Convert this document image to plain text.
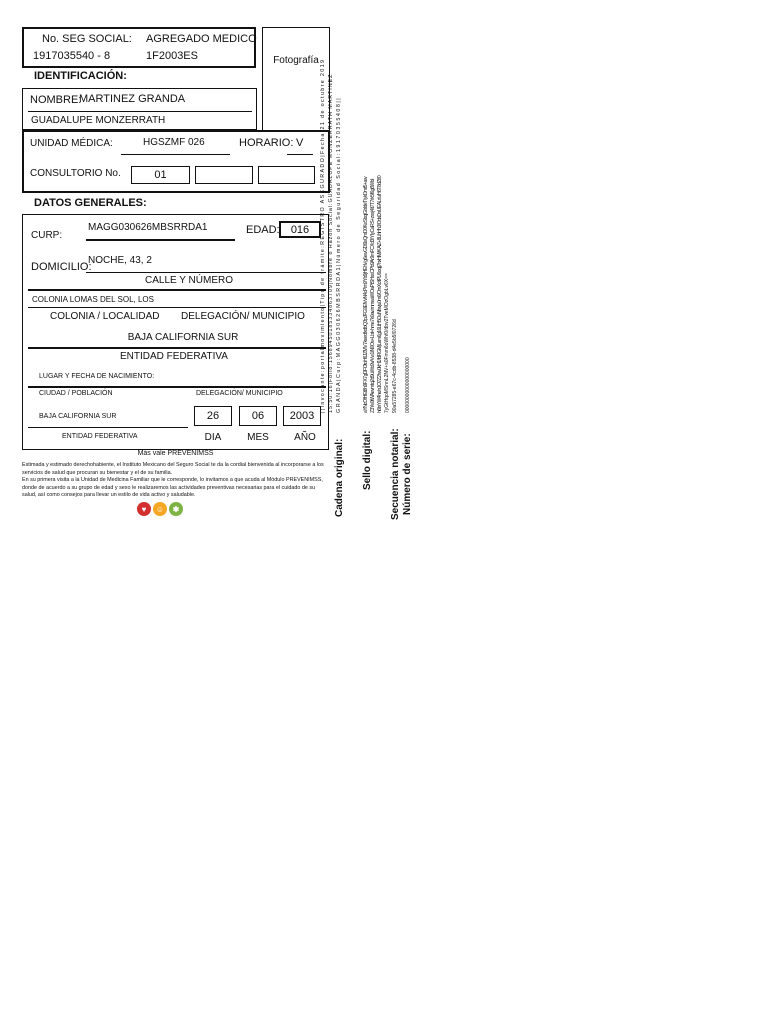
No. SEG SOCIAL:
1917035540 - 8
AGREGADO MEDICO
1F2003ES	Fotografía
IDENTIFICACIÓN:
NOMBRE:
MARTINEZ GRANDA
GUADALUPE MONZERRATH
UNIDAD MÉDICA:	HGSZMF 026	HORARIO: V
CONSULTORIO No.	01
DATOS GENERALES:
CURP:
MAGG030626MBSRRDA1	EDAD:	016
DOMICILIO:
NOCHE, 43, 2
CALLE Y NÚMERO
COLONIA LOMAS DEL SOL, LOS
COLONIA / LOCALIDAD DELEGACIÓN/ MUNICIPIO
BAJA CALIFORNIA SUR
ENTIDAD FEDERATIVA
LUGAR Y FECHA DE NACIMIENTO:
CIUDAD / POBLACIÓN	DELEGACIÓN/ MUNICIPIO
BAJA CALIFORNIA SUR
ENTIDAD FEDERATIVA
26	06	2003
DIA	MES	AÑO
Más vale PREVENIMSS
Estimada y estimado derechohabiente, el Instituto Mexicano del Seguro Social te da la cordial bienvenida al incorporarse a los servicios de salud que procuran su bienestar y el de su familia.
En su primera visita a la Unidad de Medicina Familiar que le corresponde, lo invitamos a que acuda al Módulo PREVENIMSS, donde de acuerdo a su grupo de edad y sexo le realizaremos las actividades preventivas necesarias para el cuidado de su salud, así como consejos para llevar un estilo de vida activo y saludable.
♥	☺	✱	Cadena original:
||Invocante:portalmovimiento|Tipo de trámite:REGISTRO ASEGURADO|Fecha:21 de octubre 2019 15:50:16|Folio:15689450185334863709|Nombre o Razón Social:GUADALUPE MONZERRATH MARTINEZ GRANDA|Curp:MAGG030626MBSRRDA1|Número de Seguridad Social:19170355408||
Sello digital:
aYNcOfHEt8h9FX7gDFOtoH6JZMV7keedfxdbQ3pJFG9EfVvN4cPim9Yb9jHEhVg6ewGDi9xQmD0KeSbqjGbIdeT/ykDmt5+aw Z3Ye0tWAevmtq2d9uWo9v/Vw1iN0Os+Lbt+hme7k0awmmeaWOaPtSHsxCPb9Ar9mFCXd3/YIyCaRS+zxxj4/t7T7rk5f6g8WbI h6tnYW4he/n1O7Z2hw0kH1/fdRGMjLam6g16LtH5OuNfsvju0m6/OrnXc/tPL/6oqlj7hxHMi/KAiZ+8LihHh3/OdsDnUEALr/u/H6T8dZf/0 7yGtHqoMSnnL2NV+s0Fmm6oWhf0/dbv2TveMOzOgbLv6X==
Secuencia notarial:
90a57285-e67c-4cdb-8538-d4e5b5f0726d
Número de serie:
00000000000000000000
